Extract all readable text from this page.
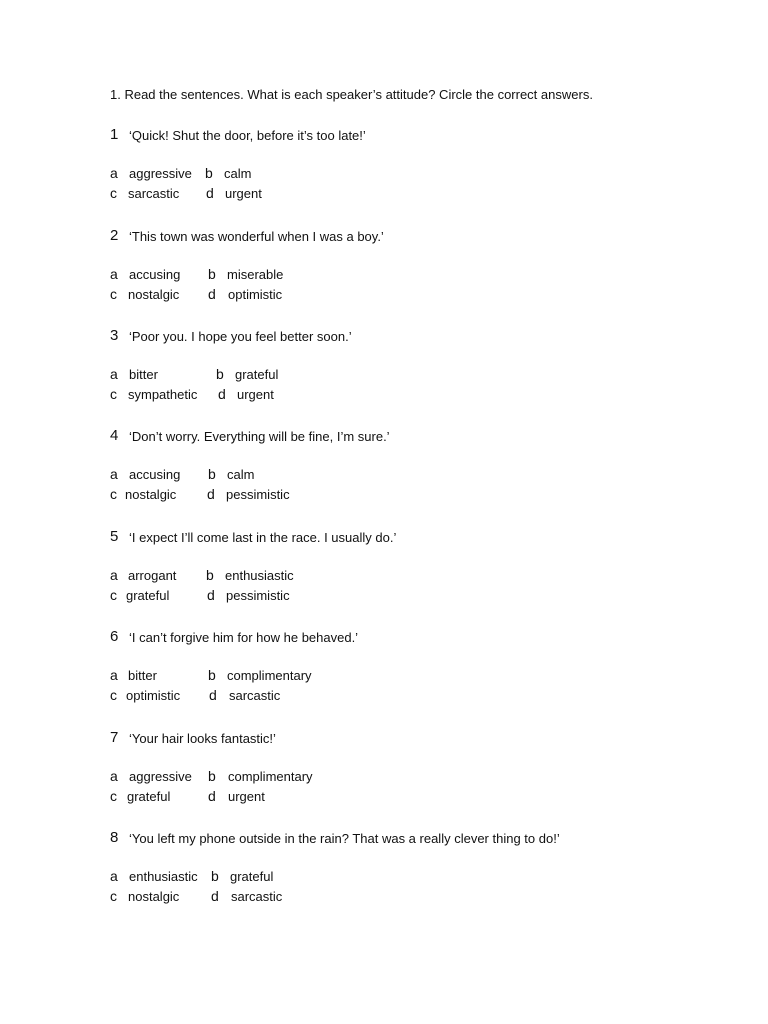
1. Read the sentences. What is each speaker’s attitude? Circle the correct answers.
1 ‘Quick! Shut the door, before it’s too late!’
a aggressive b calm
c sarcastic d urgent
2 ‘This town was wonderful when I was a boy.’
a accusing b miserable
c nostalgic d optimistic
3 ‘Poor you. I hope you feel better soon.’
a bitter	b grateful
c sympathetic d urgent
4 ‘Don’t worry. Everything will be fine, I’m sure.’
a accusing b calm
c nostalgic d pessimistic
5 ‘I expect I’ll come last in the race. I usually do.’
a arrogant b enthusiastic
c grateful	d pessimistic
6 ‘I can’t forgive him for how he behaved.’
a bitter	b complimentary
c optimistic d sarcastic
7 ‘Your hair looks fantastic!’
a aggressive b complimentary
c grateful	d urgent
8 ‘You left my phone outside in the rain? That was a really clever thing to do!’
a enthusiastic b grateful
c nostalgic d sarcastic
